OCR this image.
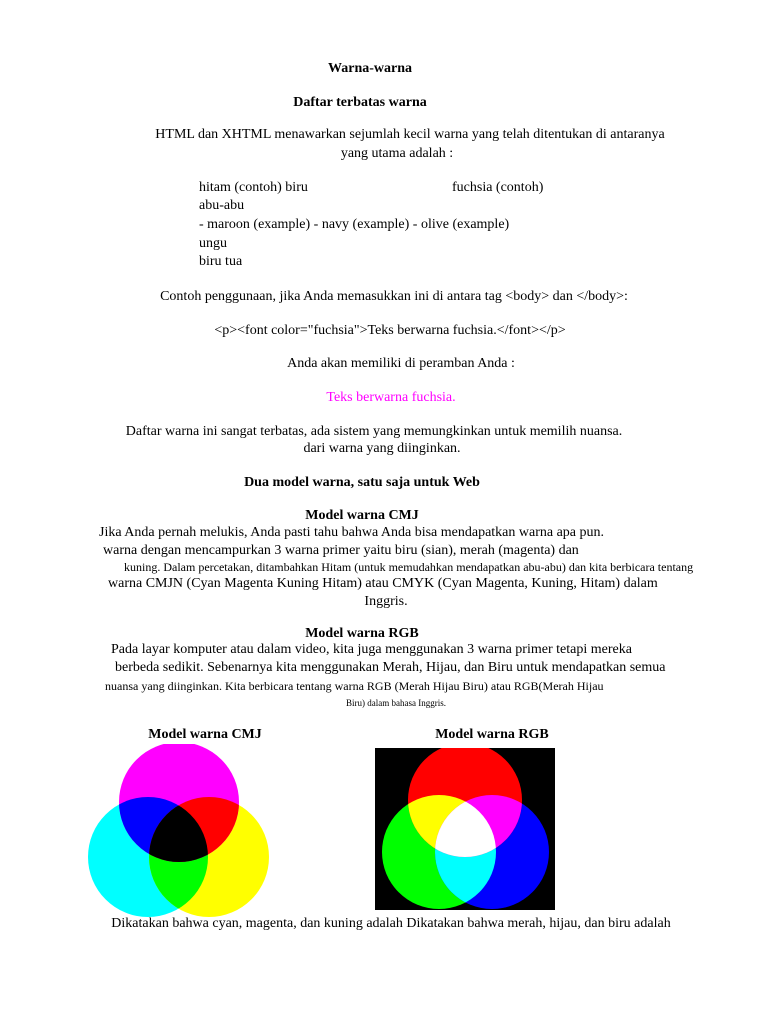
Warna-warna

Daftar terbatas warna

HTML dan XHTML menawarkan sejumlah kecil warna yang telah ditentukan di antaranya

yang utama adalah :

hitam (contoh) biru	fuchsia (contoh)

abu-abu

- maroon (example) - navy (example) - olive (example)

ungu

biru tua

Contoh penggunaan, jika Anda memasukkan ini di antara tag <body> dan </body>:

<p><font color="fuchsia">Teks berwarna fuchsia.</font></p>

Anda akan memiliki di peramban Anda :

Teks berwarna fuchsia.

Daftar warna ini sangat terbatas, ada sistem yang memungkinkan untuk memilih nuansa.

dari warna yang diinginkan.

Dua model warna, satu saja untuk Web

Model warna CMJ

Jika Anda pernah melukis, Anda pasti tahu bahwa Anda bisa mendapatkan warna apa pun.

warna dengan mencampurkan 3 warna primer yaitu biru (sian), merah (magenta) dan

kuning. Dalam percetakan, ditambahkan Hitam (untuk memudahkan mendapatkan abu-abu) dan kita berbicara tentang

warna CMJN (Cyan Magenta Kuning Hitam) atau CMYK (Cyan Magenta, Kuning, Hitam) dalam

Inggris.

Model warna RGB

Pada layar komputer atau dalam video, kita juga menggunakan 3 warna primer tetapi mereka

berbeda sedikit. Sebenarnya kita menggunakan Merah, Hijau, dan Biru untuk mendapatkan semua

nuansa yang diinginkan. Kita berbicara tentang warna RGB (Merah Hijau Biru) atau RGB(Merah Hijau

Biru) dalam bahasa Inggris.

Model warna CMJ	Model warna RGB

Dikatakan bahwa cyan, magenta, dan kuning adalah Dikatakan bahwa merah, hijau, dan biru adalah
